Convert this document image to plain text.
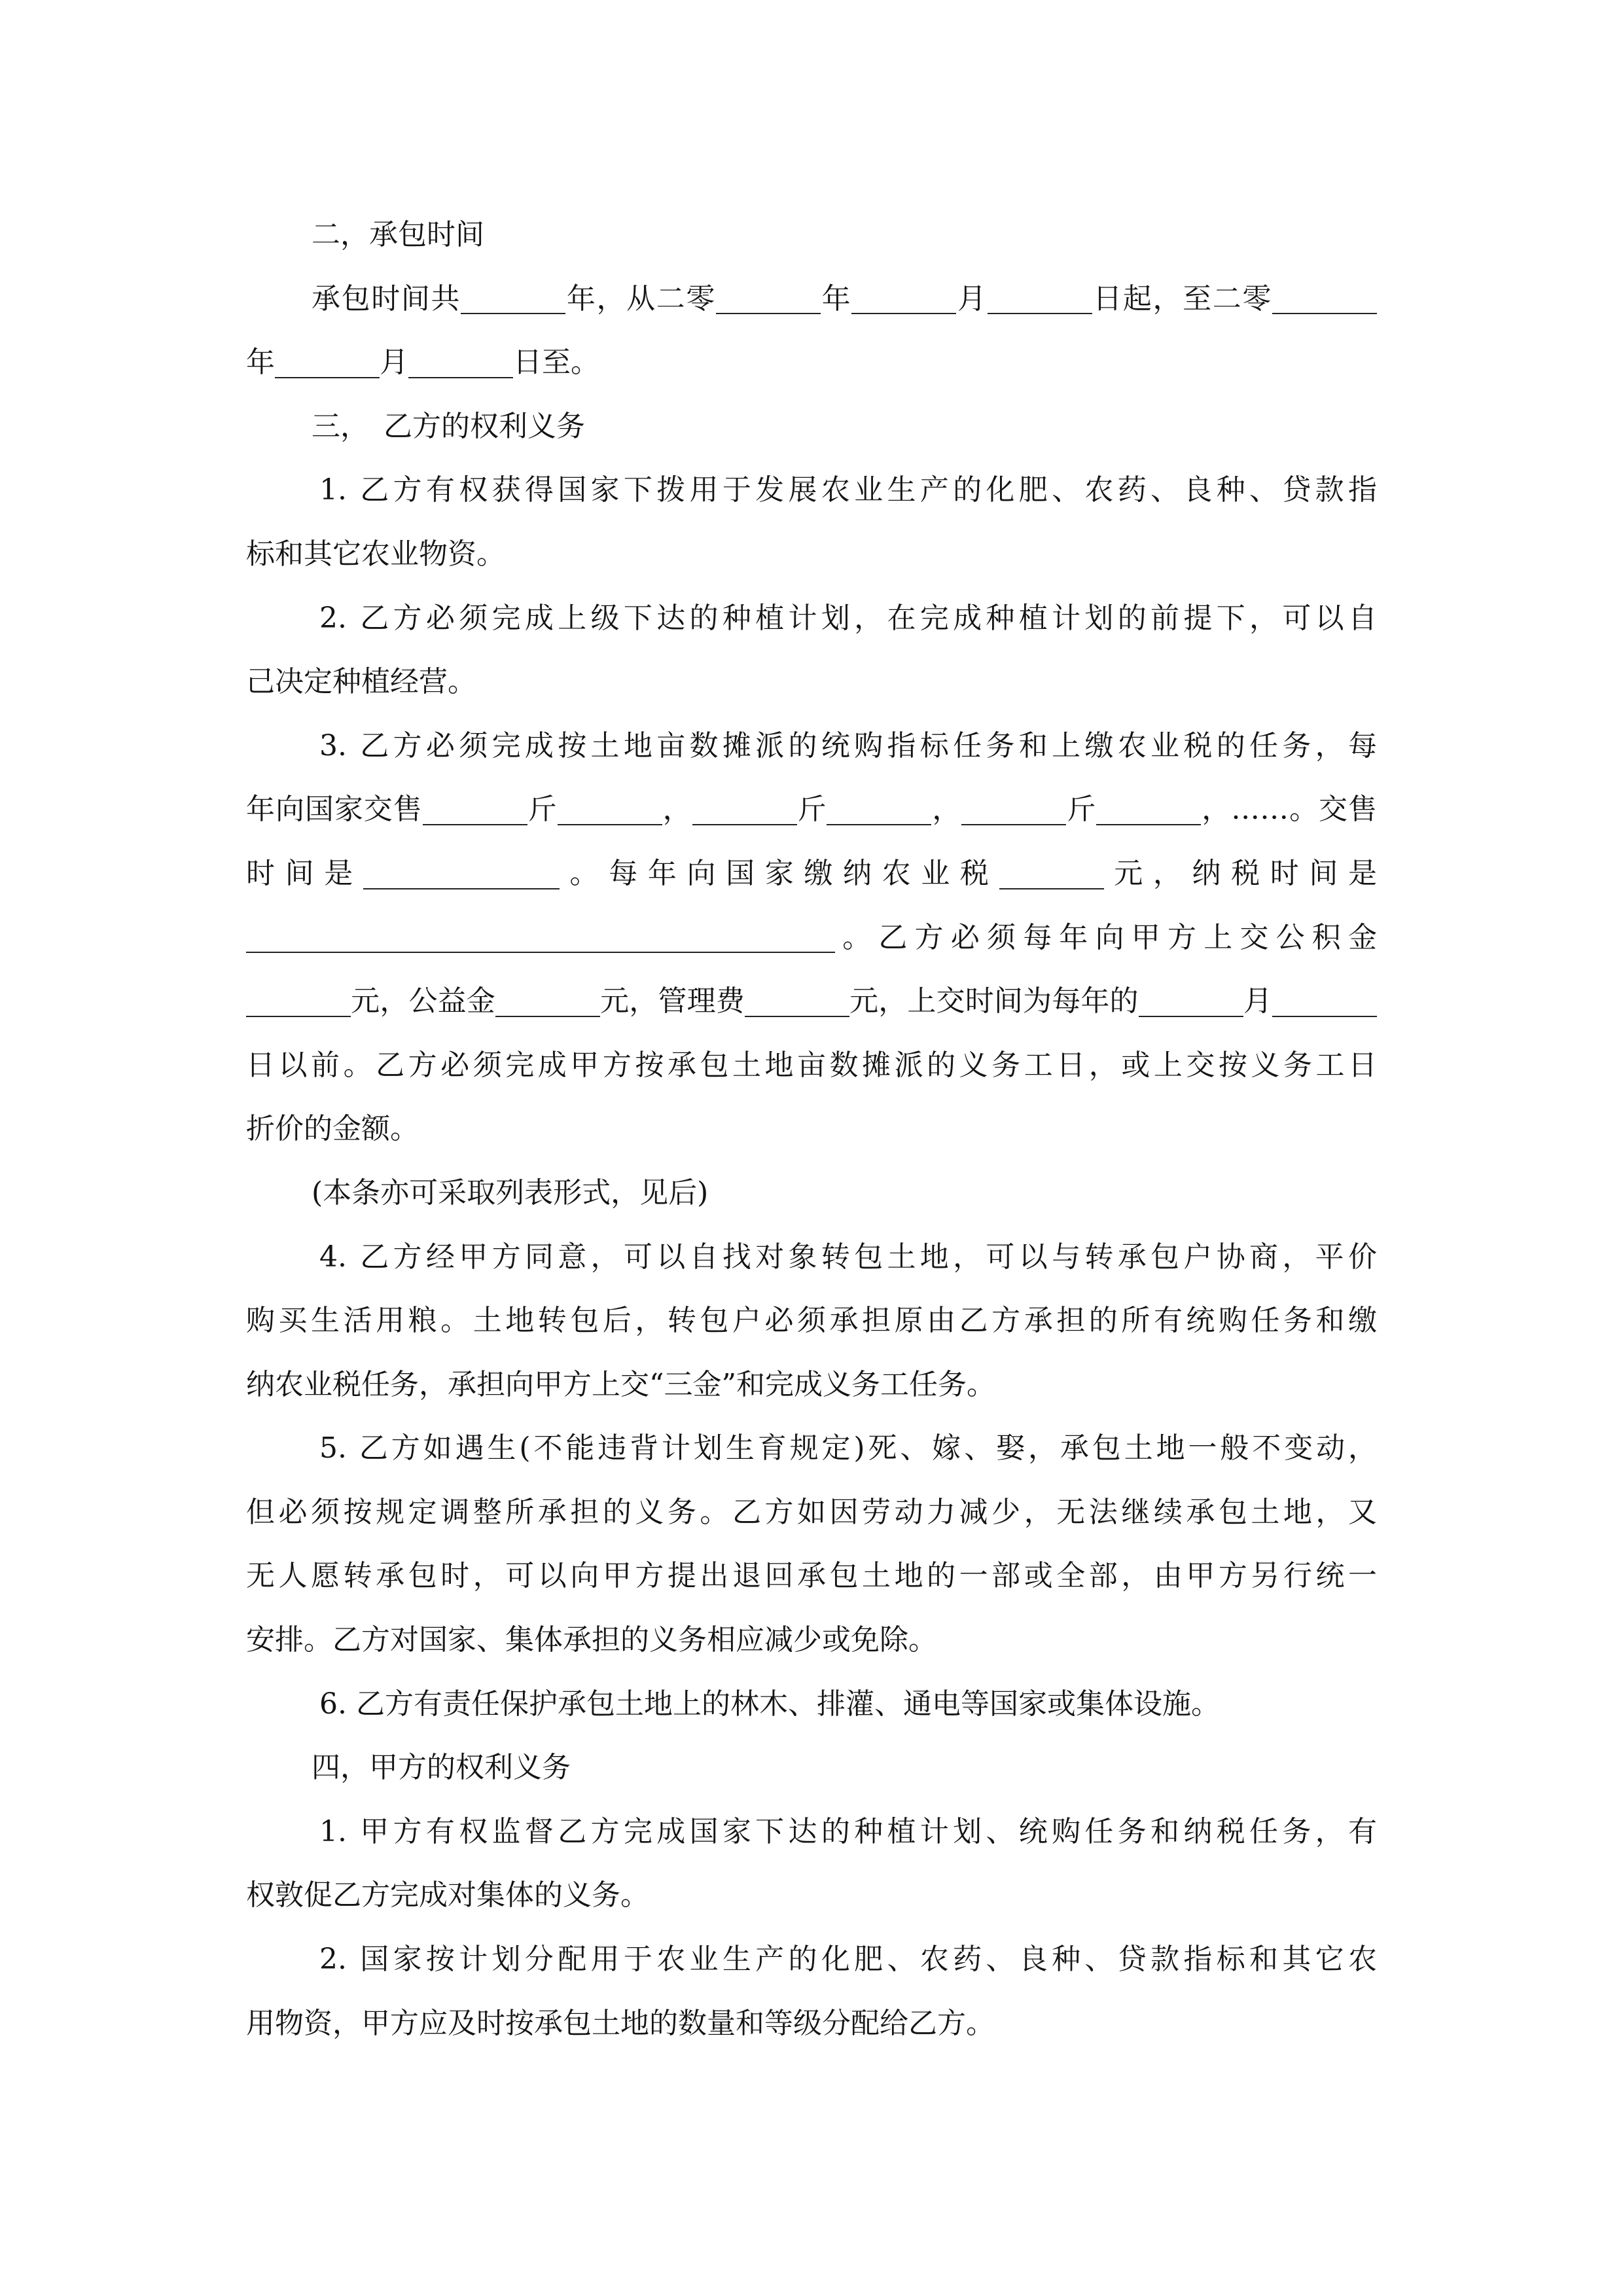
二，承包时间

承包时间共	年，从二零	年	月	日起，至二零

年	月	日至。

三，　乙方的权利义务

1. 乙方有权获得国家下拨用于发展农业生产的化肥、农药、良种、贷款指

标和其它农业物资。

2. 乙方必须完成上级下达的种植计划，在完成种植计划的前提下，可以自

己决定种植经营。

3. 乙方必须完成按土地亩数摊派的统购指标任务和上缴农业税的任务，每

年向国家交售	斤	，	斤	，	斤	，……。交售

时间是	。每年向国家缴纳农业税	元，纳税时间是

。乙方必须每年向甲方上交公积金

元，公益金	元，管理费	元，上交时间为每年的	月

日以前。乙方必须完成甲方按承包土地亩数摊派的义务工日，或上交按义务工日

折价的金额。

(本条亦可采取列表形式，见后)

4. 乙方经甲方同意，可以自找对象转包土地，可以与转承包户协商，平价

购买生活用粮。土地转包后，转包户必须承担原由乙方承担的所有统购任务和缴

纳农业税任务，承担向甲方上交“三金”和完成义务工任务。

5. 乙方如遇生(不能违背计划生育规定)死、嫁、娶，承包土地一般不变动，

但必须按规定调整所承担的义务。乙方如因劳动力减少，无法继续承包土地，又

无人愿转承包时，可以向甲方提出退回承包土地的一部或全部，由甲方另行统一

安排。乙方对国家、集体承担的义务相应减少或免除。

6. 乙方有责任保护承包土地上的林木、排灌、通电等国家或集体设施。

四，甲方的权利义务

1. 甲方有权监督乙方完成国家下达的种植计划、统购任务和纳税任务，有

权敦促乙方完成对集体的义务。

2. 国家按计划分配用于农业生产的化肥、农药、良种、贷款指标和其它农

用物资，甲方应及时按承包土地的数量和等级分配给乙方。
